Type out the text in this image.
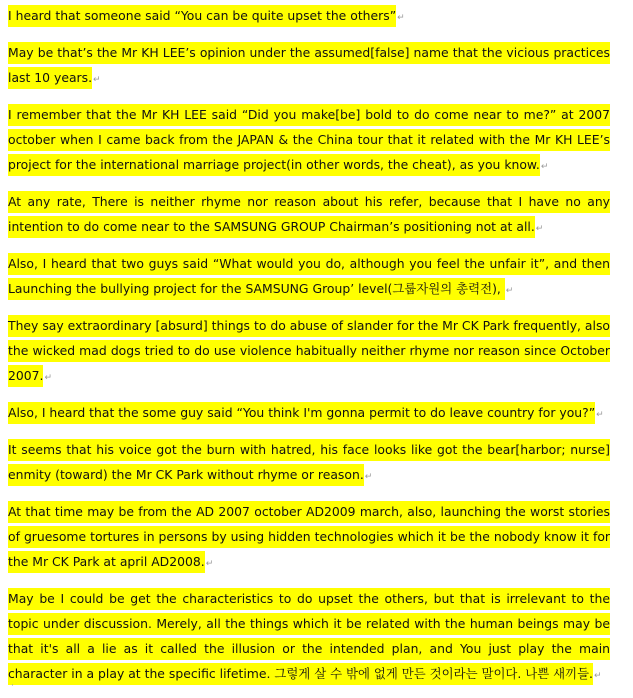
I heard that someone said “You can be quite upset the others”↵

May be that’s the Mr KH LEE’s opinion under the assumed[false] name that the vicious practices last 10 years.↵

I remember that the Mr KH LEE said “Did you make[be] bold to do come near to me?” at 2007 october when I came back from the JAPAN & the China tour that it related with the Mr KH LEE’s project for the international marriage project(in other words, the cheat), as you know.↵

At any rate, There is neither rhyme nor reason about his refer, because that I have no any intention to do come near to the SAMSUNG GROUP Chairman’s positioning not at all.↵

Also, I heard that two guys said “What would you do, although you feel the unfair it”, and then Launching the bullying project for the SAMSUNG Group’ level(그룹자원의 총력전), ↵

They say extraordinary [absurd] things to do abuse of slander for the Mr CK Park frequently, also the wicked mad dogs tried to do use violence habitually neither rhyme nor reason since October 2007.↵

Also, I heard that the some guy said “You think I'm gonna permit to do leave country for you?”↵

It seems that his voice got the burn with hatred, his face looks like got the bear[harbor; nurse] enmity (toward) the Mr CK Park without rhyme or reason.↵

At that time may be from the AD 2007 october AD2009 march, also, launching the worst stories of gruesome tortures in persons by using hidden technologies which it be the nobody know it for the Mr CK Park at april AD2008.↵

May be I could be get the characteristics to do upset the others, but that is irrelevant to the topic under discussion. Merely, all the things which it be related with the human beings may be that it's all a lie as it called the illusion or the intended plan, and You just play the main character in a play at the specific lifetime. 그렇게 살 수 밖에 없게 만든 것이라는 말이다. 나쁜 새끼들.↵

·
